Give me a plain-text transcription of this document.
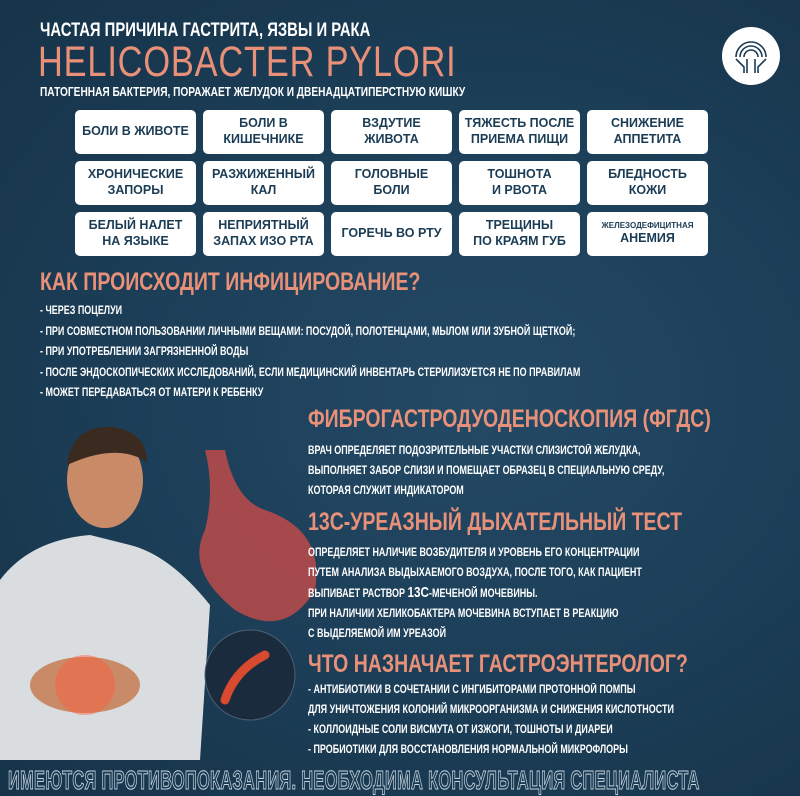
ЧАСТАЯ ПРИЧИНА ГАСТРИТА, ЯЗВЫ И РАКА
HELICOBACTER PYLORI
ПАТОГЕННАЯ БАКТЕРИЯ, ПОРАЖАЕТ ЖЕЛУДОК И ДВЕНАДЦАТИПЕРСТНУЮ КИШКУ
БОЛИ В ЖИВОТЕ
БОЛИ В
КИШЕЧНИКЕ
ВЗДУТИЕ
ЖИВОТА
ТЯЖЕСТЬ ПОСЛЕ
ПРИЕМА ПИЩИ
СНИЖЕНИЕ
АППЕТИТА
ХРОНИЧЕСКИЕ
ЗАПОРЫ
РАЗЖИЖЕННЫЙ
КАЛ
ГОЛОВНЫЕ
БОЛИ
ТОШНОТА
И РВОТА
БЛЕДНОСТЬ
КОЖИ
БЕЛЫЙ НАЛЕТ
НА ЯЗЫКЕ
НЕПРИЯТНЫЙ
ЗАПАХ ИЗО РТА
ГОРЕЧЬ ВО РТУ
ТРЕЩИНЫ
ПО КРАЯМ ГУБ
ЖЕЛЕЗОДЕФИЦИТНАЯ
АНЕМИЯ
КАК ПРОИСХОДИТ ИНФИЦИРОВАНИЕ?
- ЧЕРЕЗ ПОЦЕЛУИ
- ПРИ СОВМЕСТНОМ ПОЛЬЗОВАНИИ ЛИЧНЫМИ ВЕЩАМИ: ПОСУДОЙ, ПОЛОТЕНЦАМИ, МЫЛОМ ИЛИ ЗУБНОЙ ЩЕТКОЙ;
- ПРИ УПОТРЕБЛЕНИИ ЗАГРЯЗНЕННОЙ ВОДЫ
- ПОСЛЕ ЭНДОСКОПИЧЕСКИХ ИССЛЕДОВАНИЙ, ЕСЛИ МЕДИЦИНСКИЙ ИНВЕНТАРЬ СТЕРИЛИЗУЕТСЯ НЕ ПО ПРАВИЛАМ
- МОЖЕТ ПЕРЕДАВАТЬСЯ ОТ МАТЕРИ К РЕБЕНКУ
ФИБРОГАСТРОДУОДЕНОСКОПИЯ (ФГДС)
ВРАЧ ОПРЕДЕЛЯЕТ ПОДОЗРИТЕЛЬНЫЕ УЧАСТКИ СЛИЗИСТОЙ ЖЕЛУДКА,
ВЫПОЛНЯЕТ ЗАБОР СЛИЗИ И ПОМЕЩАЕТ ОБРАЗЕЦ В СПЕЦИАЛЬНУЮ СРЕДУ,
КОТОРАЯ СЛУЖИТ ИНДИКАТОРОМ
13С-УРЕАЗНЫЙ ДЫХАТЕЛЬНЫЙ ТЕСТ
ОПРЕДЕЛЯЕТ НАЛИЧИЕ ВОЗБУДИТЕЛЯ И УРОВЕНЬ ЕГО КОНЦЕНТРАЦИИ
ПУТЕМ АНАЛИЗА ВЫДЫХАЕМОГО ВОЗДУХА, ПОСЛЕ ТОГО, КАК ПАЦИЕНТ
ВЫПИВАЕТ РАСТВОР 13С-МЕЧЕНОЙ МОЧЕВИНЫ.
ПРИ НАЛИЧИИ ХЕЛИКОБАКТЕРА МОЧЕВИНА ВСТУПАЕТ В РЕАКЦИЮ
С ВЫДЕЛЯЕМОЙ ИМ УРЕАЗОЙ
ЧТО НАЗНАЧАЕТ ГАСТРОЭНТЕРОЛОГ?
- АНТИБИОТИКИ В СОЧЕТАНИИ С ИНГИБИТОРАМИ ПРОТОННОЙ ПОМПЫ
ДЛЯ УНИЧТОЖЕНИЯ КОЛОНИЙ МИКРООРГАНИЗМА И СНИЖЕНИЯ КИСЛОТНОСТИ
- КОЛЛОИДНЫЕ СОЛИ ВИСМУТА ОТ ИЗЖОГИ, ТОШНОТЫ И ДИАРЕИ
- ПРОБИОТИКИ ДЛЯ ВОССТАНОВЛЕНИЯ НОРМАЛЬНОЙ МИКРОФЛОРЫ
ИМЕЮТСЯ ПРОТИВОПОКАЗАНИЯ. НЕОБХОДИМА КОНСУЛЬТАЦИЯ СПЕЦИАЛИСТА
